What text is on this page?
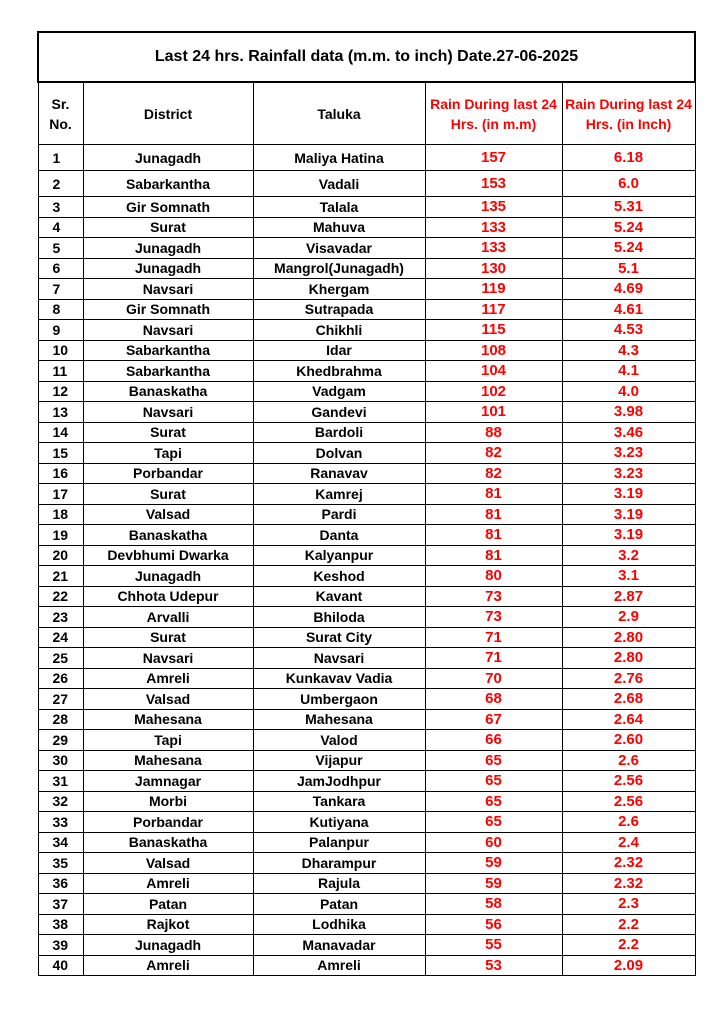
Last 24 hrs. Rainfall data (m.m. to inch) Date.27-06-2025				
Sr. No.	District	Taluka	Rain During last 24 Hrs. (in m.m)	Rain During last 24 Hrs. (in Inch)
1	Junagadh	Maliya Hatina	157	6.18
2	Sabarkantha	Vadali	153	6.0
3	Gir Somnath	Talala	135	5.31
4	Surat	Mahuva	133	5.24
5	Junagadh	Visavadar	133	5.24
6	Junagadh	Mangrol(Junagadh)	130	5.1
7	Navsari	Khergam	119	4.69
8	Gir Somnath	Sutrapada	117	4.61
9	Navsari	Chikhli	115	4.53
10	Sabarkantha	Idar	108	4.3
11	Sabarkantha	Khedbrahma	104	4.1
12	Banaskatha	Vadgam	102	4.0
13	Navsari	Gandevi	101	3.98
14	Surat	Bardoli	88	3.46
15	Tapi	Dolvan	82	3.23
16	Porbandar	Ranavav	82	3.23
17	Surat	Kamrej	81	3.19
18	Valsad	Pardi	81	3.19
19	Banaskatha	Danta	81	3.19
20	Devbhumi Dwarka	Kalyanpur	81	3.2
21	Junagadh	Keshod	80	3.1
22	Chhota Udepur	Kavant	73	2.87
23	Arvalli	Bhiloda	73	2.9
24	Surat	Surat City	71	2.80
25	Navsari	Navsari	71	2.80
26	Amreli	Kunkavav Vadia	70	2.76
27	Valsad	Umbergaon	68	2.68
28	Mahesana	Mahesana	67	2.64
29	Tapi	Valod	66	2.60
30	Mahesana	Vijapur	65	2.6
31	Jamnagar	JamJodhpur	65	2.56
32	Morbi	Tankara	65	2.56
33	Porbandar	Kutiyana	65	2.6
34	Banaskatha	Palanpur	60	2.4
35	Valsad	Dharampur	59	2.32
36	Amreli	Rajula	59	2.32
37	Patan	Patan	58	2.3
38	Rajkot	Lodhika	56	2.2
39	Junagadh	Manavadar	55	2.2
40	Amreli	Amreli	53	2.09
